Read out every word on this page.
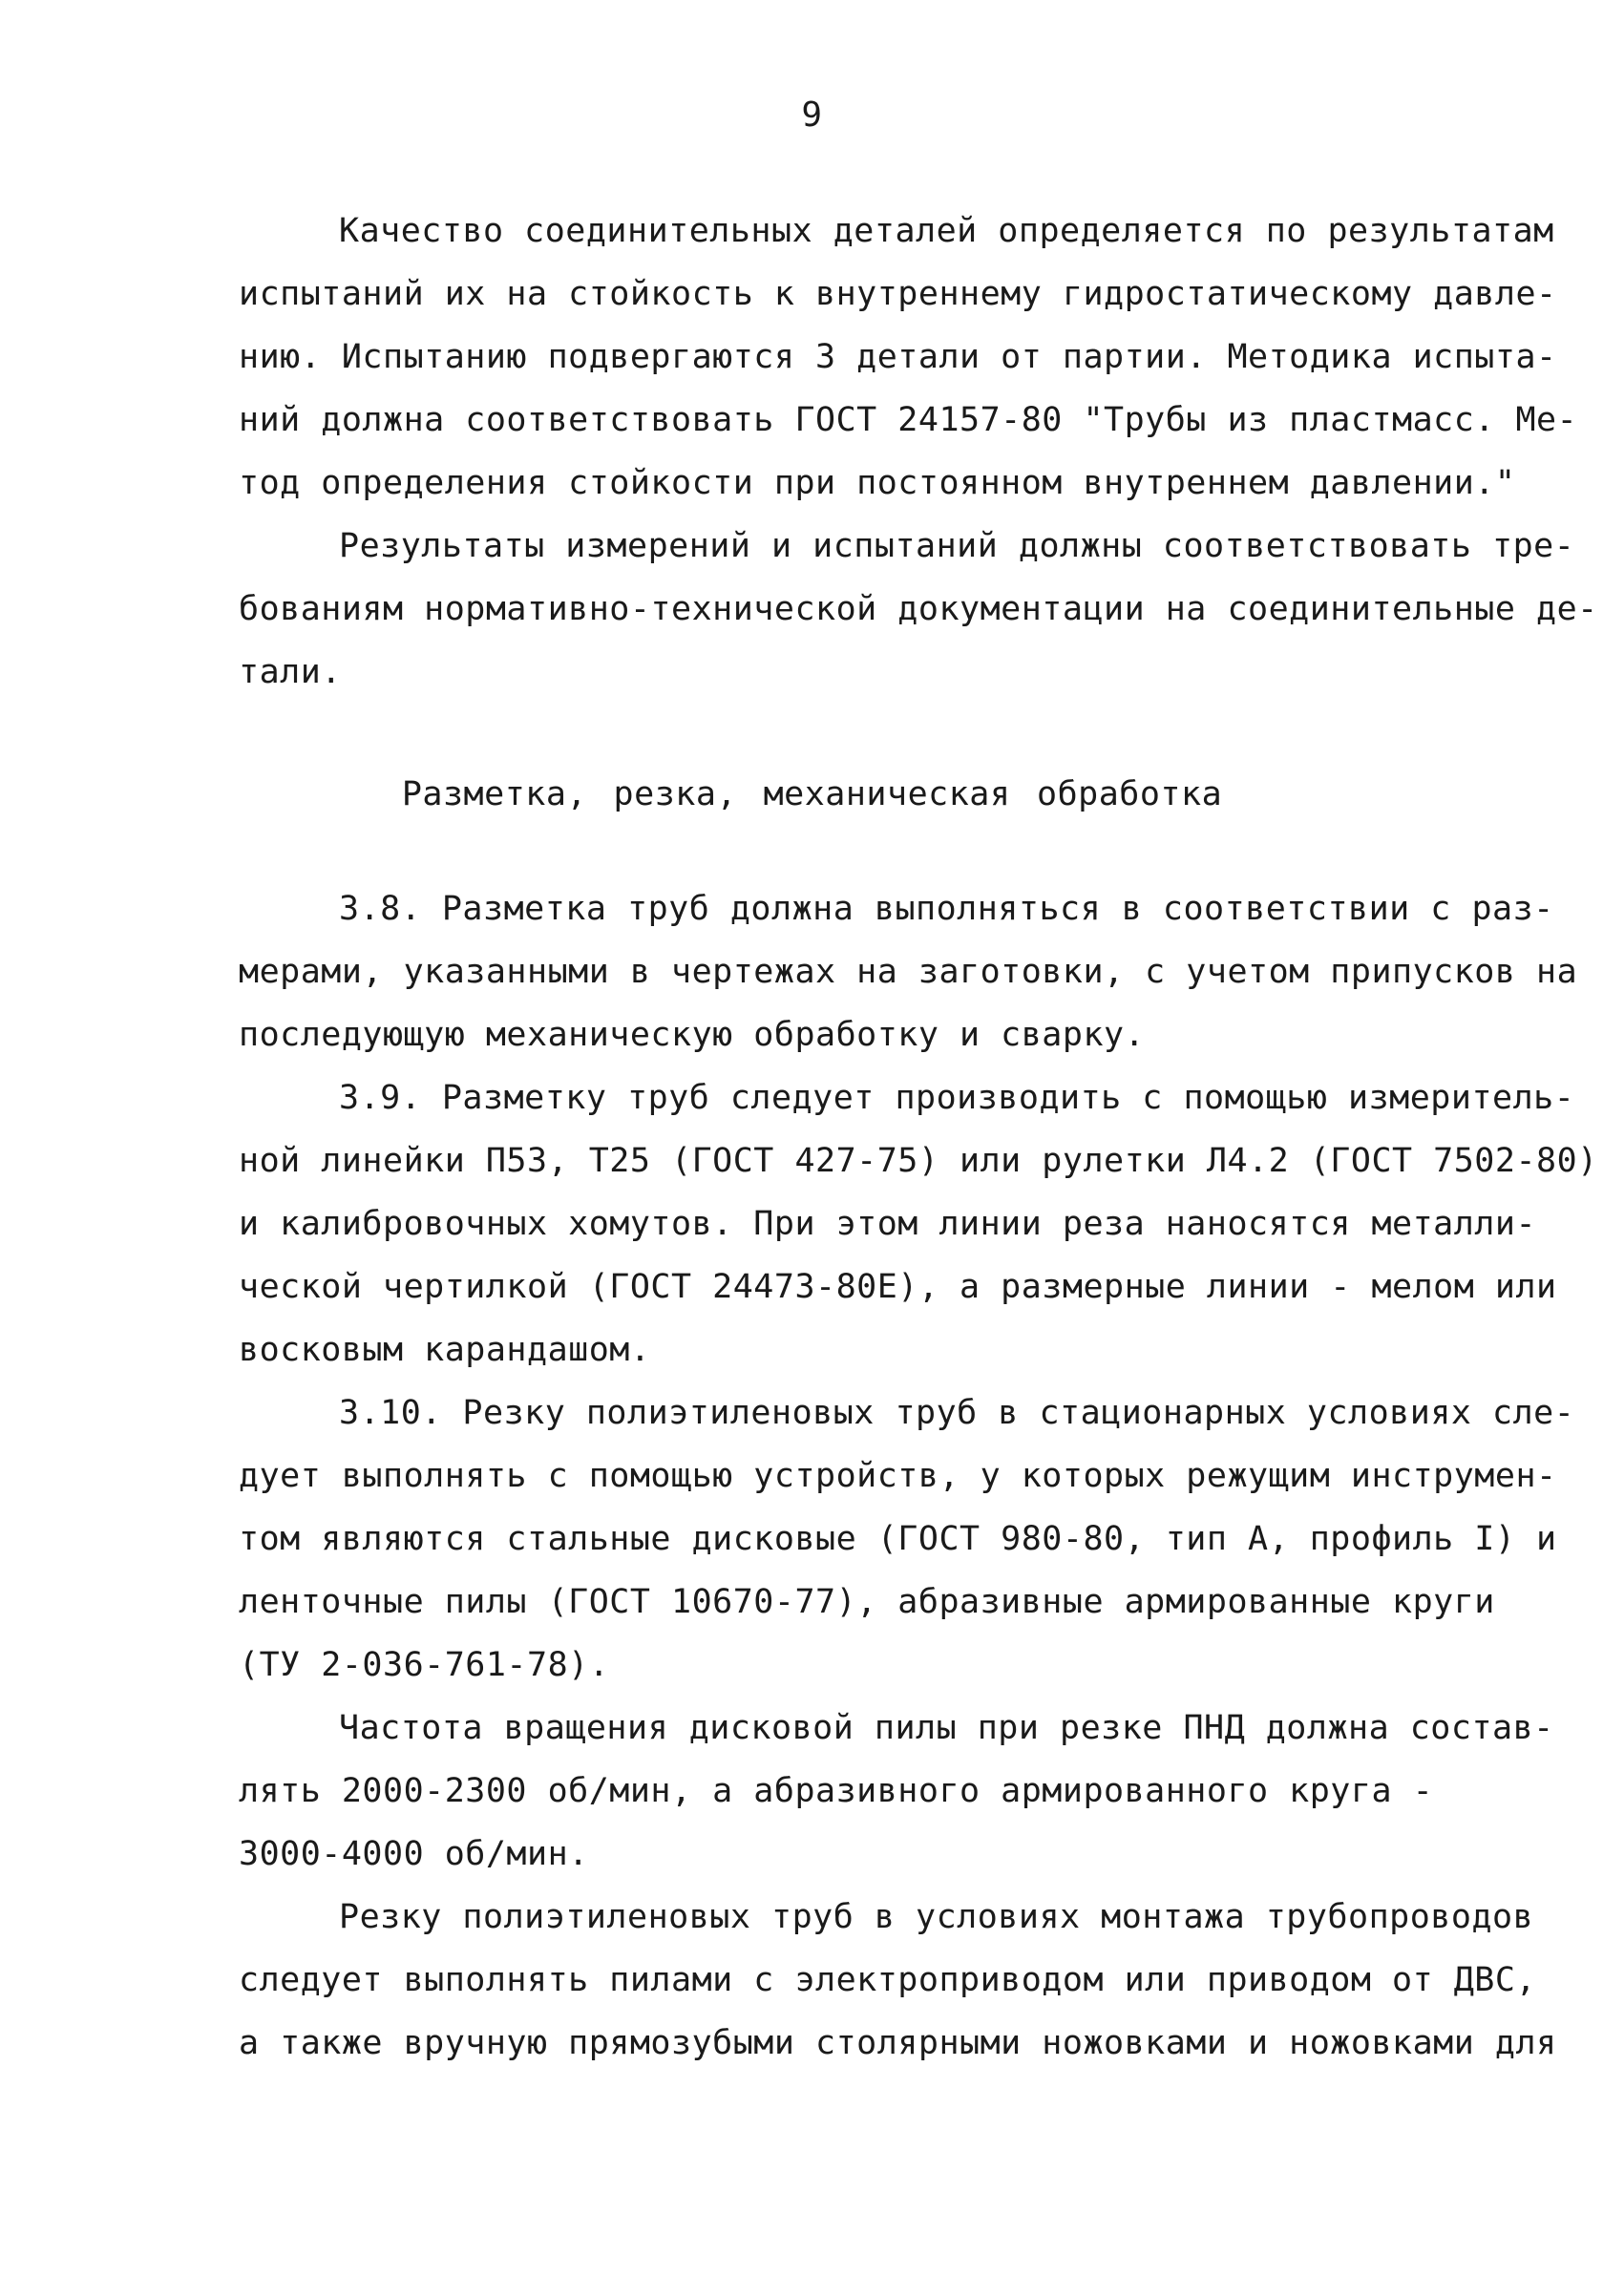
9

Качество соединительных деталей определяется по результатам

испытаний их на стойкость к внутреннему гидростатическому давле-

нию. Испытанию подвергаются 3 детали от партии. Методика испыта-

ний должна соответствовать ГОСТ 24157-80 "Трубы из пластмасс. Ме-

тод определения стойкости при постоянном внутреннем давлении."

Результаты измерений и испытаний должны соответствовать тре-

бованиям нормативно-технической документации на соединительные де-

тали.

Разметка, резка, механическая обработка

3.8. Разметка труб должна выполняться в соответствии с раз-

мерами, указанными в чертежах на заготовки, с учетом припусков на

последующую механическую обработку и сварку.

3.9. Разметку труб следует производить с помощью измеритель-

ной линейки П53, Т25 (ГОСТ 427-75) или рулетки Л4.2 (ГОСТ 7502-80)

и калибровочных хомутов. При этом линии реза наносятся металли-

ческой чертилкой (ГОСТ 24473-80Е), а размерные линии - мелом или

восковым карандашом.

3.10. Резку полиэтиленовых труб в стационарных условиях сле-

дует выполнять с помощью устройств, у которых режущим инструмен-

том являются стальные дисковые (ГОСТ 980-80, тип А, профиль I) и

ленточные пилы (ГОСТ 10670-77), абразивные армированные круги

(ТУ 2-036-761-78).

Частота вращения дисковой пилы при резке ПНД должна состав-

лять 2000-2300 об/мин, а абразивного армированного круга -

3000-4000 об/мин.

Резку полиэтиленовых труб в условиях монтажа трубопроводов

следует выполнять пилами с электроприводом или приводом от ДВС,

а также вручную прямозубыми столярными ножовками и ножовками для
